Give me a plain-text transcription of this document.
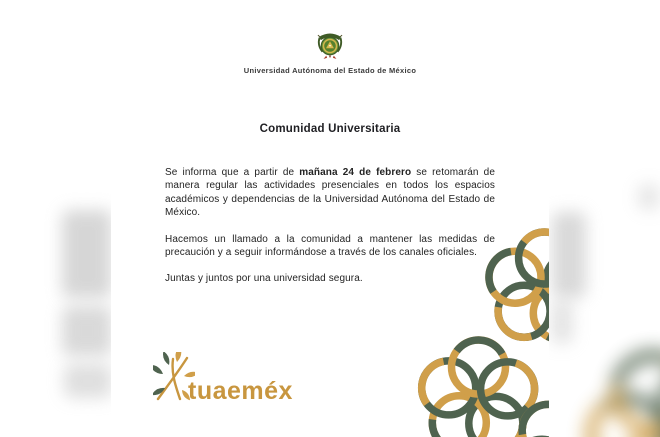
Universidad Autónoma del Estado de México
Comunidad Universitaria

Se informa que a partir de mañana 24 de febrero se retomarán de manera regular las actividades presenciales en todos los espacios académicos y dependencias de la Universidad Autónoma del Estado de México.

Hacemos un llamado a la comunidad a mantener las medidas de precaución y a seguir informándose a través de los canales oficiales.

Juntas y juntos por una universidad segura.

tuaeméx
